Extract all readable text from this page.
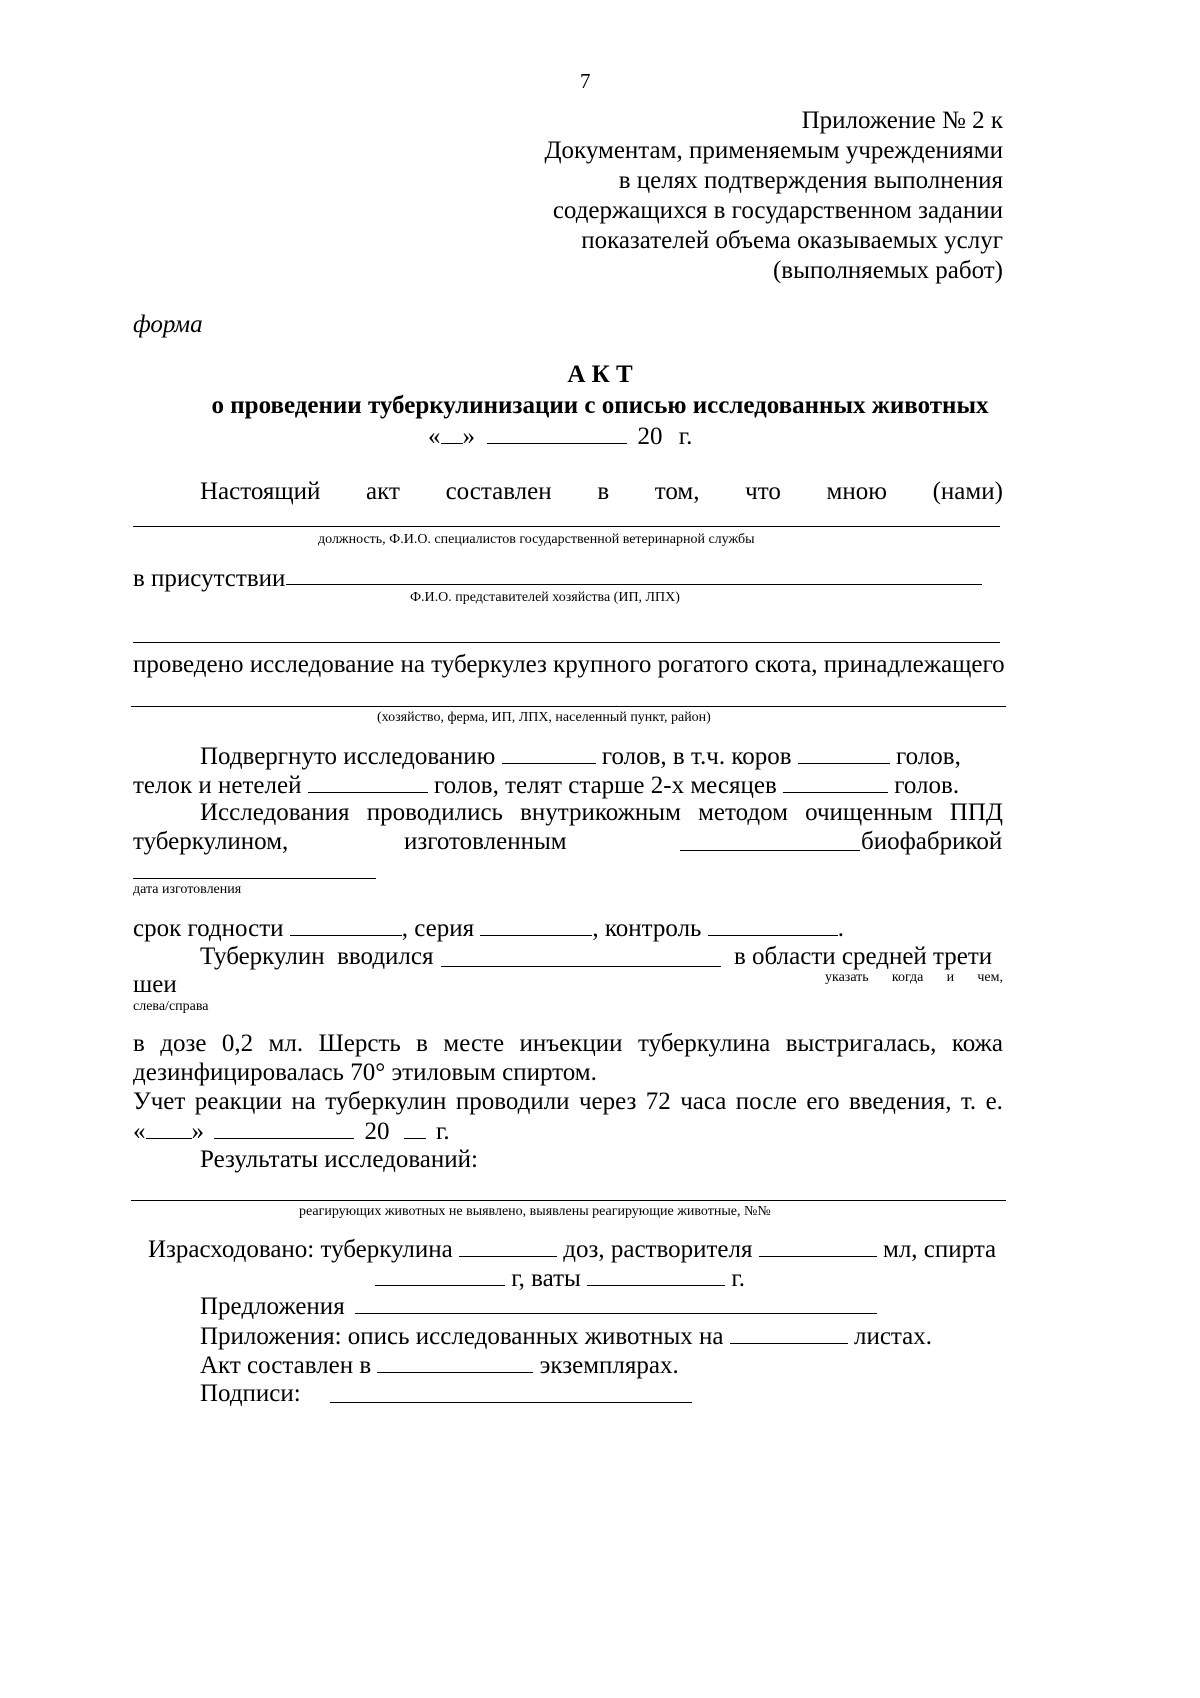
7
Приложение № 2 к
Документам, применяемым учреждениями
в целях подтверждения выполнения
содержащихся в государственном задании
показателей объема оказываемых услуг
(выполняемых работ)
форма
А К Т
о проведении туберкулинизации с описью исследованных животных
« »	20 г.
Настоящий акт составлен в том, что мною (нами)
должность, Ф.И.О. специалистов государственной ветеринарной службы
в присутствии
Ф.И.О. представителей хозяйства (ИП, ЛПХ)
проведено исследование на туберкулез крупного рогатого скота, принадлежащего
(хозяйство, ферма, ИП, ЛПХ, населенный пункт, район)
Подвергнуто исследованию	голов, в т.ч. коров	голов,
телок и нетелей	голов, телят старше 2-х месяцев	голов.
Исследования проводились внутрикожным методом очищенным ППД
туберкулином,	изготовленным	биофабрикой
дата изготовления
срок годности	, серия	, контроль	.
Туберкулин вводился	в области средней трети
шеи	указать когда и чем,
слева/справа
в дозе 0,2 мл. Шерсть в месте инъекции туберкулина выстригалась, кожа
дезинфицировалась 70° этиловым спиртом.
Учет реакции на туберкулин проводили через 72 часа после его введения, т. е.
« »	20 г.
Результаты исследований:
реагирующих животных не выявлено, выявлены реагирующие животные, №№
Израсходовано: туберкулина	доз, растворителя	мл, спирта
г, ваты	г.
Предложения
Приложения: опись исследованных животных на	листах.
Акт составлен в	экземплярах.
Подписи:
